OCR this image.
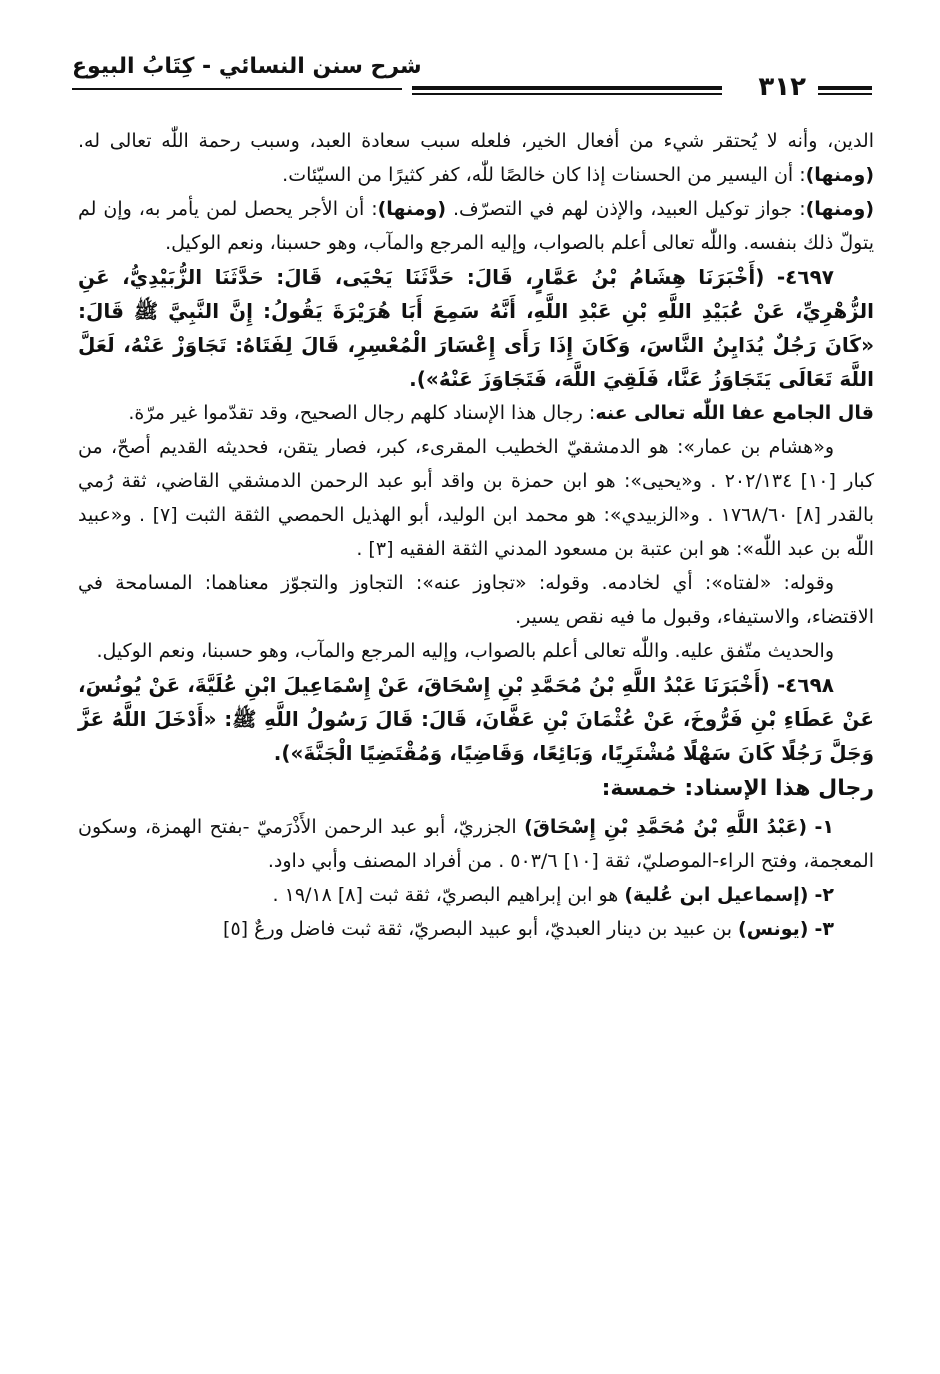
شرح سنن النسائي - كِتَابُ البيوع
٣١٢

الدين، وأنه لا يُحتقر شيء من أفعال الخير، فلعله سبب سعادة العبد، وسبب رحمة اللّٰه تعالى له. (ومنها): أن اليسير من الحسنات إذا كان خالصًا للّٰه، كفر كثيرًا من السيّئات.

(ومنها): جواز توكيل العبيد، والإذن لهم في التصرّف. (ومنها): أن الأجر يحصل لمن يأمر به، وإن لم يتولّ ذلك بنفسه. واللّٰه تعالى أعلم بالصواب، وإليه المرجع والمآب، وهو حسبنا، ونعم الوكيل.

٤٦٩٧- (أَخْبَرَنَا هِشَامُ بْنُ عَمَّارٍ، قَالَ: حَدَّثَنَا يَحْيَى، قَالَ: حَدَّثَنَا الزُّبَيْدِيُّ، عَنِ الزُّهْرِيِّ، عَنْ عُبَيْدِ اللَّهِ بْنِ عَبْدِ اللَّهِ، أَنَّهُ سَمِعَ أَبَا هُرَيْرَةَ يَقُولُ: إِنَّ النَّبِيَّ ﷺ قَالَ: «كَانَ رَجُلٌ يُدَايِنُ النَّاسَ، وَكَانَ إِذَا رَأَى إِعْسَارَ الْمُعْسِرِ، قَالَ لِفَتَاهُ: تَجَاوَزْ عَنْهُ، لَعَلَّ اللَّهَ تَعَالَى يَتَجَاوَزُ عَنَّا، فَلَقِيَ اللَّهَ، فَتَجَاوَزَ عَنْهُ»).

قال الجامع عفا اللّٰه تعالى عنه: رجال هذا الإسناد كلهم رجال الصحيح، وقد تقدّموا غير مرّة.

و«هشام بن عمار»: هو الدمشقيّ الخطيب المقرىء، كبر، فصار يتقن، فحديثه القديم أصحّ، من كبار [١٠] ٢٠٢/١٣٤ . و«يحيى»: هو ابن حمزة بن واقد أبو عبد الرحمن الدمشقي القاضي، ثقة رُمي بالقدر [٨] ١٧٦٨/٦٠ . و«الزبيدي»: هو محمد ابن الوليد، أبو الهذيل الحمصي الثقة الثبت [٧] . و«عبيد اللّٰه بن عبد اللّٰه»: هو ابن عتبة بن مسعود المدني الثقة الفقيه [٣] .

وقوله: «لفتاه»: أي لخادمه. وقوله: «تجاوز عنه»: التجاوز والتجوّز معناهما: المسامحة في الاقتضاء، والاستيفاء، وقبول ما فيه نقص يسير.

والحديث متّفق عليه. واللّٰه تعالى أعلم بالصواب، وإليه المرجع والمآب، وهو حسبنا، ونعم الوكيل.

٤٦٩٨- (أَخْبَرَنَا عَبْدُ اللَّهِ بْنُ مُحَمَّدِ بْنِ إِسْحَاقَ، عَنْ إِسْمَاعِيلَ ابْنِ عُلَيَّةَ، عَنْ يُونُسَ، عَنْ عَطَاءِ بْنِ فَرُّوخَ، عَنْ عُثْمَانَ بْنِ عَفَّانَ، قَالَ: قَالَ رَسُولُ اللَّهِ ﷺ: «أَدْخَلَ اللَّهُ عَزَّ وَجَلَّ رَجُلًا كَانَ سَهْلًا مُشْتَرِيًا، وَبَائِعًا، وَقَاضِيًا، وَمُقْتَضِيًا الْجَنَّةَ»).

رجال هذا الإسناد: خمسة:

١- (عَبْدُ اللَّهِ بْنُ مُحَمَّدِ بْنِ إِسْحَاقَ) الجزريّ، أبو عبد الرحمن الأَذْرَميّ -بفتح الهمزة، وسكون المعجمة، وفتح الراء-الموصليّ، ثقة [١٠] ٥٠٣/٦ . من أفراد المصنف وأبي داود.

٢- (إسماعيل ابن عُلية) هو ابن إبراهيم البصريّ، ثقة ثبت [٨] ١٩/١٨ .

٣- (يونس) بن عبيد بن دينار العبديّ، أبو عبيد البصريّ، ثقة ثبت فاضل ورعٌ [٥]
